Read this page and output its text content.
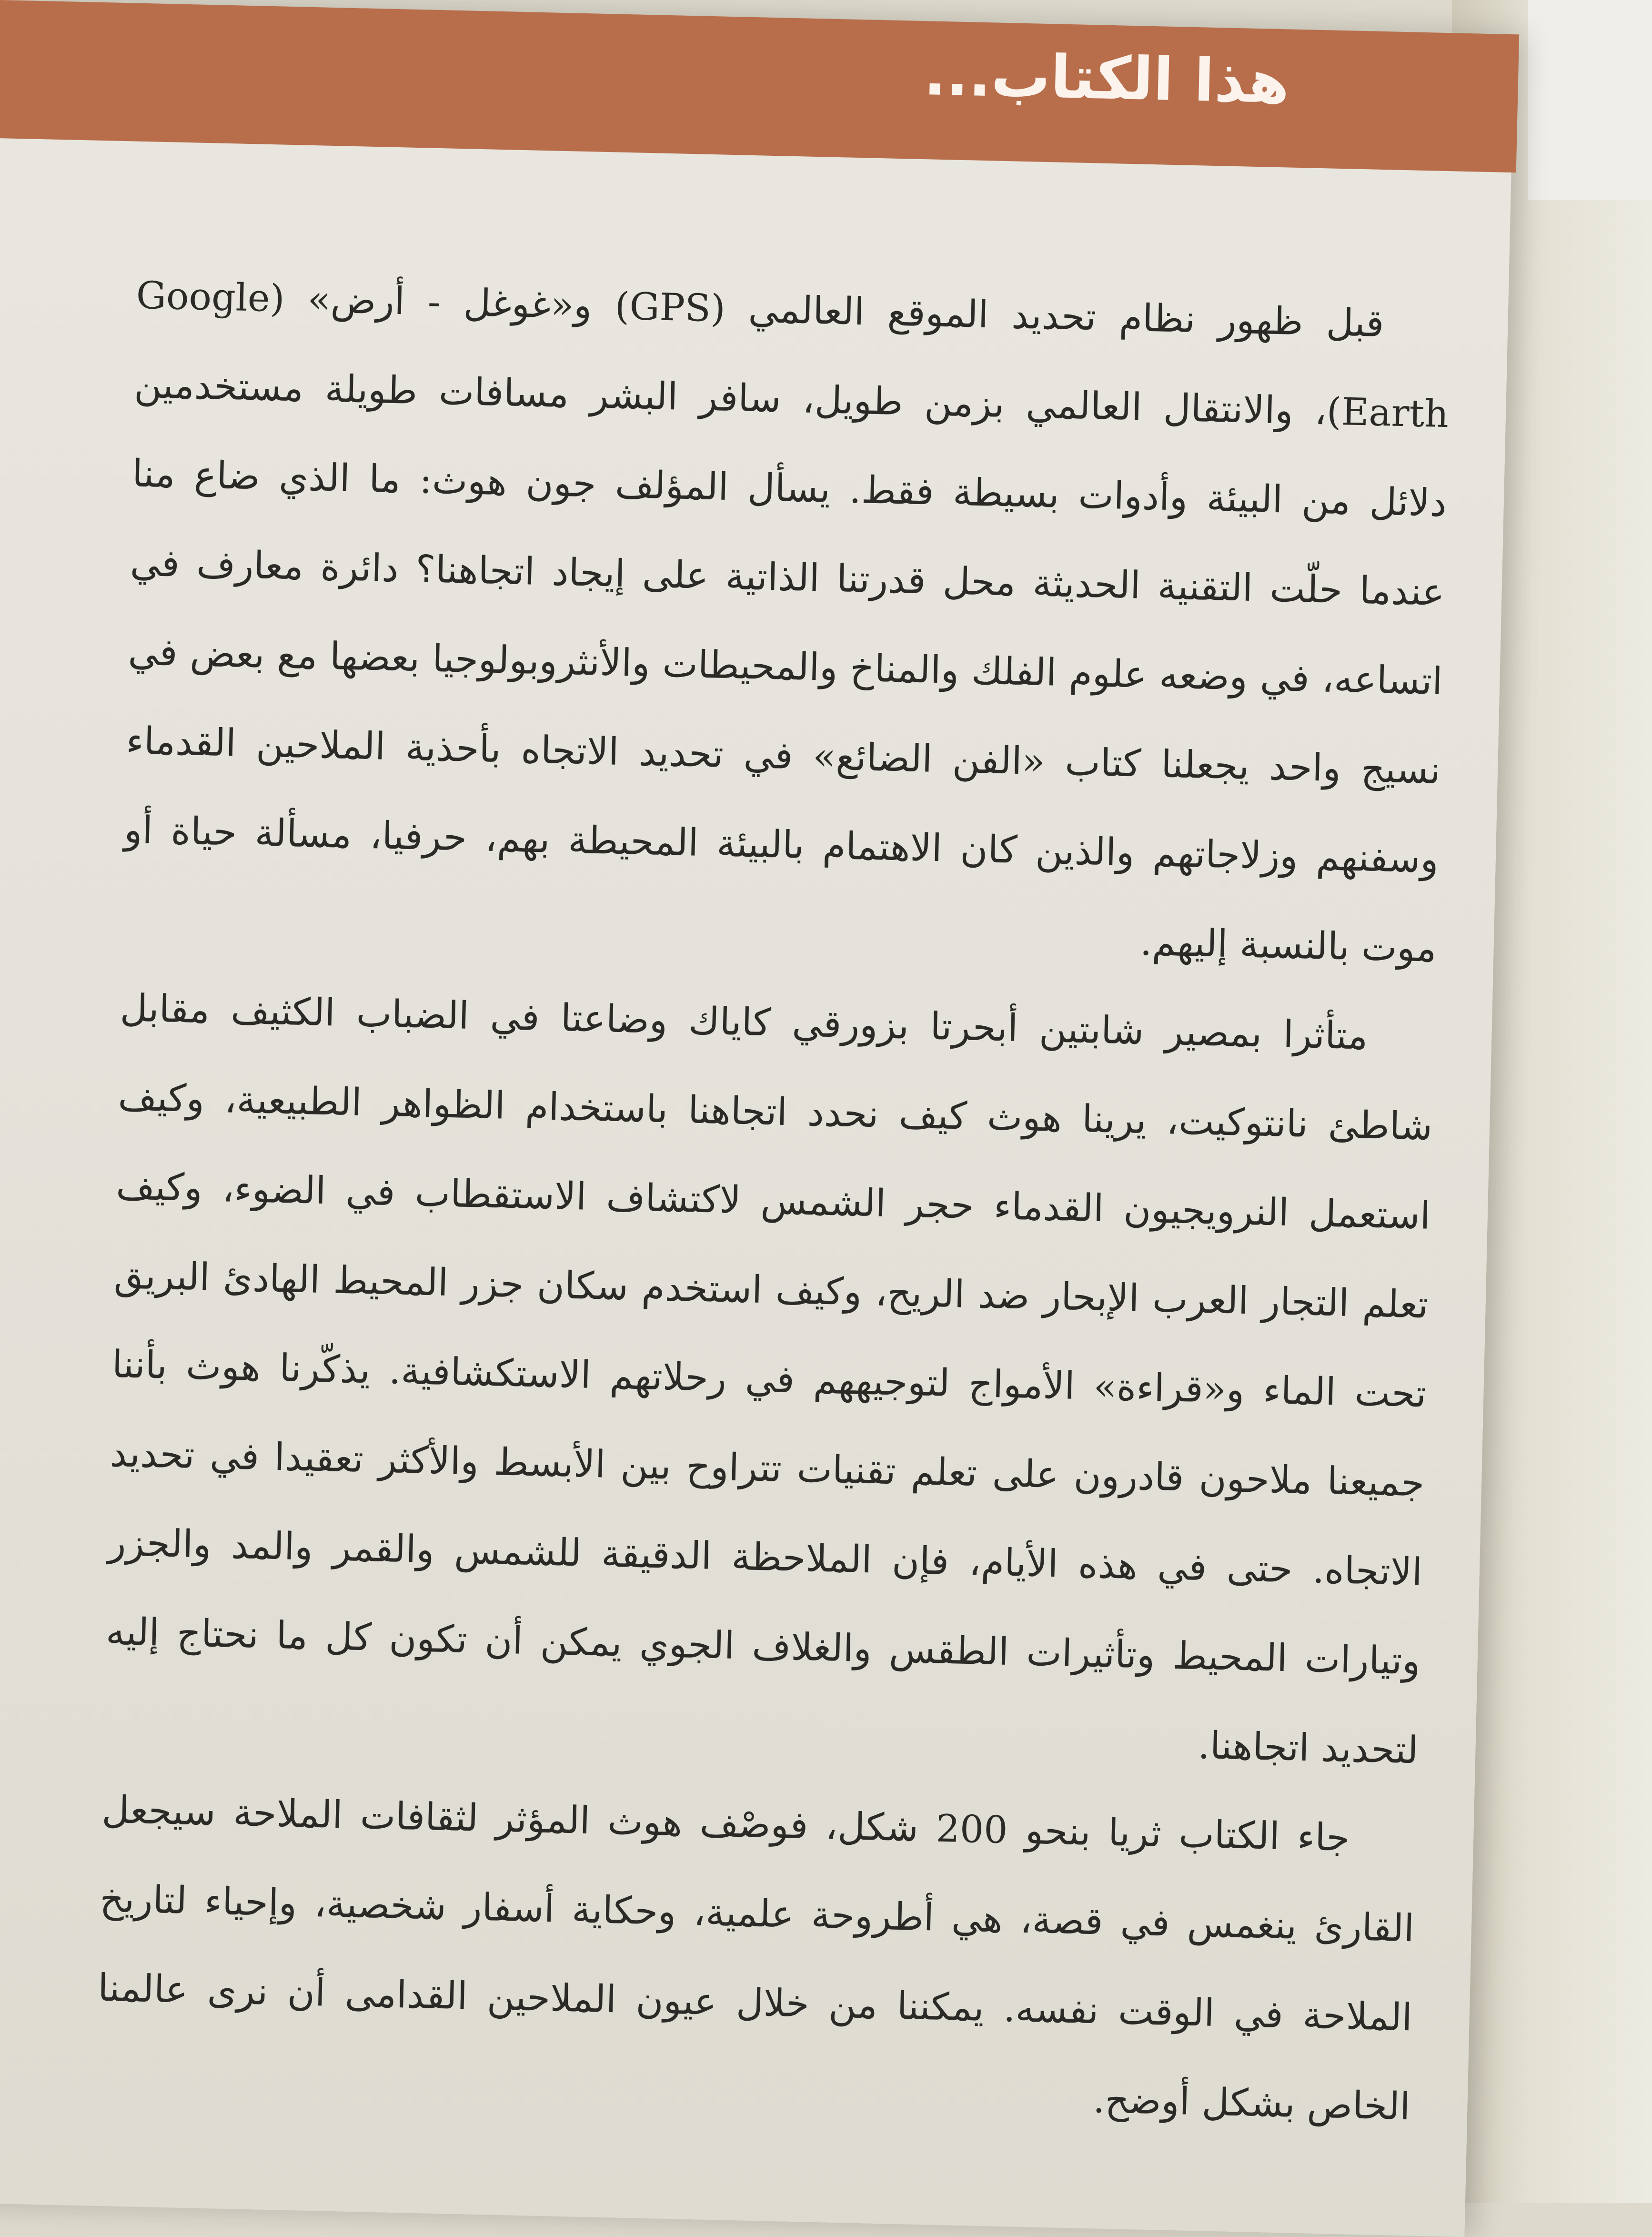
هذا الكتاب...

قبل ظهور نظام تحديد الموقع العالمي (GPS) و«غوغل - أرض» (Google Earth)، والانتقال العالمي بزمن طويل، سافر البشر مسافات طويلة مستخدمين دلائل من البيئة وأدوات بسيطة فقط. يسأل المؤلف جون هوث: ما الذي ضاع منا عندما حلّت التقنية الحديثة محل قدرتنا الذاتية على إيجاد اتجاهنا؟ دائرة معارف في اتساعه، في وضعه علوم الفلك والمناخ والمحيطات والأنثروبولوجيا بعضها مع بعض في نسيج واحد يجعلنا كتاب «الفن الضائع» في تحديد الاتجاه بأحذية الملاحين القدماء وسفنهم وزلاجاتهم والذين كان الاهتمام بالبيئة المحيطة بهم، حرفيا، مسألة حياة أو موت بالنسبة إليهم.

متأثرا بمصير شابتين أبحرتا بزورقي كاياك وضاعتا في الضباب الكثيف مقابل شاطئ نانتوكيت، يرينا هوث كيف نحدد اتجاهنا باستخدام الظواهر الطبيعية، وكيف استعمل النرويجيون القدماء حجر الشمس لاكتشاف الاستقطاب في الضوء، وكيف تعلم التجار العرب الإبحار ضد الريح، وكيف استخدم سكان جزر المحيط الهادئ البريق تحت الماء و«قراءة» الأمواج لتوجيههم في رحلاتهم الاستكشافية. يذكّرنا هوث بأننا جميعنا ملاحون قادرون على تعلم تقنيات تتراوح بين الأبسط والأكثر تعقيدا في تحديد الاتجاه. حتى في هذه الأيام، فإن الملاحظة الدقيقة للشمس والقمر والمد والجزر وتيارات المحيط وتأثيرات الطقس والغلاف الجوي يمكن أن تكون كل ما نحتاج إليه لتحديد اتجاهنا.

جاء الكتاب ثريا بنحو 200 شكل، فوصْف هوث المؤثر لثقافات الملاحة سيجعل القارئ ينغمس في قصة، هي أطروحة علمية، وحكاية أسفار شخصية، وإحياء لتاريخ الملاحة في الوقت نفسه. يمكننا من خلال عيون الملاحين القدامى أن نرى عالمنا الخاص بشكل أوضح.
